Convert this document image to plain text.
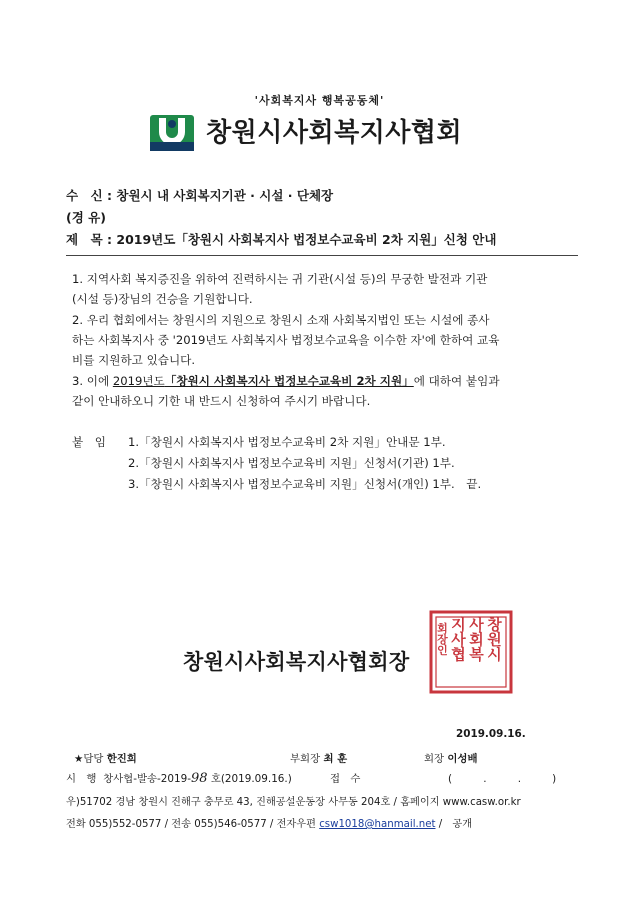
'사회복지사 행복공동체'
창원시사회복지사협회
수　신 : 창원시 내 사회복지기관 · 시설 · 단체장
(경 유)
제　목 : 2019년도「창원시 사회복지사 법정보수교육비 2차 지원」신청 안내
1. 지역사회 복지증진을 위하여 진력하시는 귀 기관(시설 등)의 무궁한 발전과 기관
(시설 등)장님의 건승을 기원합니다.
2. 우리 협회에서는 창원시의 지원으로 창원시 소재 사회복지법인 또는 시설에 종사
하는 사회복지사 중 '2019년도 사회복지사 법정보수교육을 이수한 자'에 한하여 교육
비를 지원하고 있습니다.
3. 이에 2019년도「창원시 사회복지사 법정보수교육비 2차 지원」에 대하여 붙임과
같이 안내하오니 기한 내 반드시 신청하여 주시기 바랍니다.
붙　임 1.「창원시 사회복지사 법정보수교육비 2차 지원」안내문 1부.
2.「창원시 사회복지사 법정보수교육비 지원」신청서(기관) 1부.
3.「창원시 사회복지사 법정보수교육비 지원」신청서(개인) 1부.　끝.
창원시사회복지사협회장
창원시
사회복
지사협
회장인
2019.09.16.
★담당 한진희	부회장 최 훈	회장 이성배
시　행 창사협-발송-2019-98 호(2019.09.16.)	접　수	(　　　.　　　.　　　)
우)51702 경남 창원시 진해구 충무로 43, 진해공설운동장 사무동 204호 / 홈페이지 www.casw.or.kr
전화 055)552-0577 / 전송 055)546-0577 / 전자우편 csw1018@hanmail.net /　공개
